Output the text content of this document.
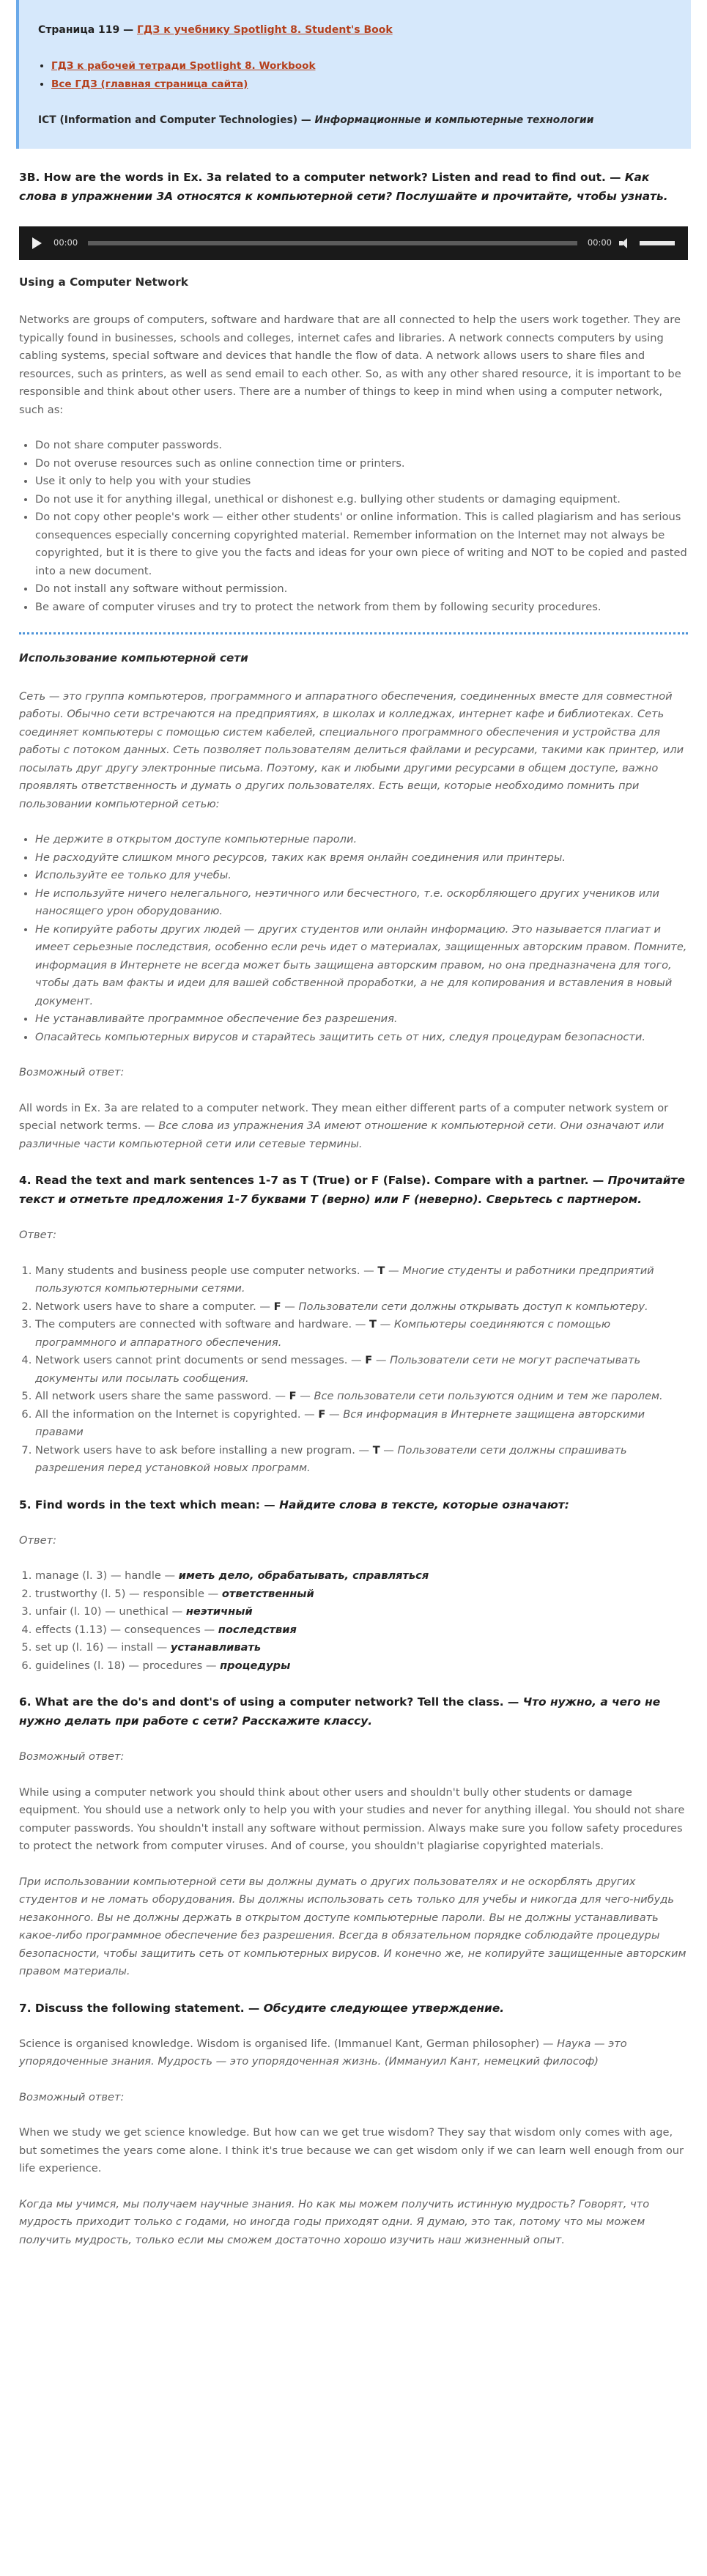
Страница 119 — ГДЗ к учебнику Spotlight 8. Student's Book
• ГДЗ к рабочей тетради Spotlight 8. Workbook
• Все ГДЗ (главная страница сайта)
ICT (Information and Computer Technologies) — Информационные и компьютерные технологии
3B. How are the words in Ex. 3a related to a computer network? Listen and read to find out. — Как слова в упражнении 3А относятся к компьютерной сети? Послушайте и прочитайте, чтобы узнать.
00:00	00:00
Using a Computer Network

Networks are groups of computers, software and hardware that are all connected to help the users work together. They are typically found in businesses, schools and colleges, internet cafes and libraries. A network connects computers by using cabling systems, special software and devices that handle the flow of data. A network allows users to share files and resources, such as printers, as well as send email to each other. So, as with any other shared resource, it is important to be responsible and think about other users. There are a number of things to keep in mind when using a computer network, such as:

• Do not share computer passwords.
• Do not overuse resources such as online connection time or printers.
• Use it only to help you with your studies
• Do not use it for anything illegal, unethical or dishonest e.g. bullying other students or damaging equipment.
• Do not copy other people's work — either other students' or online information. This is called plagiarism and has serious consequences especially concerning copyrighted material. Remember information on the Internet may not always be copyrighted, but it is there to give you the facts and ideas for your own piece of writing and NOT to be copied and pasted into a new document.
• Do not install any software without permission.
• Be aware of computer viruses and try to protect the network from them by following security procedures.
Использование компьютерной сети

Сеть — это группа компьютеров, программного и аппаратного обеспечения, соединенных вместе для совместной работы. Обычно сети встречаются на предприятиях, в школах и колледжах, интернет кафе и библиотеках. Сеть соединяет компьютеры с помощью систем кабелей, специального программного обеспечения и устройства для работы с потоком данных. Сеть позволяет пользователям делиться файлами и ресурсами, такими как принтер, или посылать друг другу электронные письма. Поэтому, как и любыми другими ресурсами в общем доступе, важно проявлять ответственность и думать о других пользователях. Есть вещи, которые необходимо помнить при пользовании компьютерной сетью:

• Не держите в открытом доступе компьютерные пароли.
• Не расходуйте слишком много ресурсов, таких как время онлайн соединения или принтеры.
• Используйте ее только для учебы.
• Не используйте ничего нелегального, неэтичного или бесчестного, т.е. оскорбляющего других учеников или наносящего урон оборудованию.
• Не копируйте работы других людей — других студентов или онлайн информацию. Это называется плагиат и имеет серьезные последствия, особенно если речь идет о материалах, защищенных авторским правом. Помните, информация в Интернете не всегда может быть защищена авторским правом, но она предназначена для того, чтобы дать вам факты и идеи для вашей собственной проработки, а не для копирования и вставления в новый документ.
• Не устанавливайте программное обеспечение без разрешения.
• Опасайтесь компьютерных вирусов и старайтесь защитить сеть от них, следуя процедурам безопасности.

Возможный ответ:

All words in Ex. 3a are related to a computer network. They mean either different parts of a computer network system or special network terms. — Все слова из упражнения 3А имеют отношение к компьютерной сети. Они означают или различные части компьютерной сети или сетевые термины.

4. Read the text and mark sentences 1-7 as T (True) or F (False). Compare with a partner. — Прочитайте текст и отметьте предложения 1-7 буквами T (верно) или F (неверно). Сверьтесь с партнером.

Ответ:

1. Many students and business people use computer networks. — T — Многие студенты и работники предприятий пользуются компьютерными сетями.
2. Network users have to share a computer. — F — Пользователи сети должны открывать доступ к компьютеру.
3. The computers are connected with software and hardware. — T — Компьютеры соединяются с помощью программного и аппаратного обеспечения.
4. Network users cannot print documents or send messages. — F — Пользователи сети не могут распечатывать документы или посылать сообщения.
5. All network users share the same password. — F — Все пользователи сети пользуются одним и тем же паролем.
6. All the information on the Internet is copyrighted. — F — Вся информация в Интернете защищена авторскими правами
7. Network users have to ask before installing a new program. — T — Пользователи сети должны спрашивать разрешения перед установкой новых программ.
5. Find words in the text which mean: — Найдите слова в тексте, которые означают:

Ответ:

1. manage (l. 3) — handle — иметь дело, обрабатывать, справляться
2. trustworthy (l. 5) — responsible — ответственный
3. unfair (l. 10) — unethical — неэтичный
4. effects (1.13) — consequences — последствия
5. set up (l. 16) — install — устанавливать
6. guidelines (l. 18) — procedures — процедуры
6. What are the do's and dont's of using a computer network? Tell the class. — Что нужно, а чего не нужно делать при работе с сети? Расскажите классу.

Возможный ответ:

While using a computer network you should think about other users and shouldn't bully other students or damage equipment. You should use a network only to help you with your studies and never for anything illegal. You should not share computer passwords. You shouldn't install any software without permission. Always make sure you follow safety procedures to protect the network from computer viruses. And of course, you shouldn't plagiarise copyrighted materials.

При использовании компьютерной сети вы должны думать о других пользователях и не оскорблять других студентов и не ломать оборудования. Вы должны использовать сеть только для учебы и никогда для чего-нибудь незаконного. Вы не должны держать в открытом доступе компьютерные пароли. Вы не должны устанавливать какое-либо программное обеспечение без разрешения. Всегда в обязательном порядке соблюдайте процедуры безопасности, чтобы защитить сеть от компьютерных вирусов. И конечно же, не копируйте защищенные авторским правом материалы.

7. Discuss the following statement. — Обсудите следующее утверждение.

Science is organised knowledge. Wisdom is organised life. (Immanuel Kant, German philosopher) — Наука — это упорядоченные знания. Мудрость — это упорядоченная жизнь. (Иммануил Кант, немецкий философ)

Возможный ответ:

When we study we get science knowledge. But how can we get true wisdom? They say that wisdom only comes with age, but sometimes the years come alone. I think it's true because we can get wisdom only if we can learn well enough from our life experience.

Когда мы учимся, мы получаем научные знания. Но как мы можем получить истинную мудрость? Говорят, что мудрость приходит только с годами, но иногда годы приходят одни. Я думаю, это так, потому что мы можем получить мудрость, только если мы сможем достаточно хорошо изучить наш жизненный опыт.
